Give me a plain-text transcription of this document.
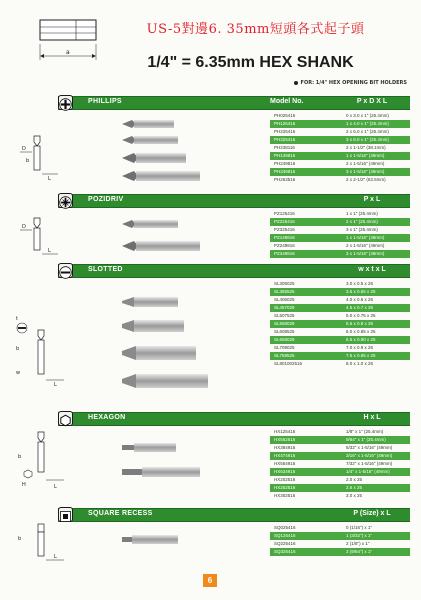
a
US-5對邊6. 35mm短頭各式起子頭
1/4" = 6.35mm HEX SHANK
FOR: 1/4" HEX OPENING BIT HOLDERS
PHILLIPS	Model No.	P x D X L
PH025416	0 x 3.0 x 1" (25.4mm)
PH125416	1 x 4.0 x 1" (25.4mm)
PH225416	2 x 6.0 x 1" (25.4mm)
PH325416	3 x 8.0 x 1" (25.4mm)
PH238116	2 x 1-1/2" (38.1mm)
PH149816	1 x 1-5/16" (49mm)
PH249816	2 x 1-5/16" (49mm)
PH349816	3 x 1-5/16" (49mm)
PH263516	2 x 2-1/2" (63.5mm)
D
b
L
POZIDRIV	P x L
PZ125416	1 x 1" (25.4mm)
PZ225416	2 x 1" (25.4mm)
PZ325416	3 x 1" (25.4mm)
PZ149816	1 x 1-5/16" (49mm)
PZ249816	2 x 1-5/16" (49mm)
PZ349816	3 x 1-5/16" (49mm)
D
L
SLOTTED	w x t x L
SL305025	3.0 x 0.5 x 25
SL355525	3.5 x 0.55 x 25
SL406025	4.0 x 0.6 x 25
SL457025	4.5 x 0.7 x 25
SL507525	5.0 x 0.75 x 25
SL558025	5.5 x 0.8 x 25
SL608525	6.0 x 0.85 x 25
SL659025	6.5 x 0.90 x 25
SL709025	7.0 x 0.9 x 25
SL759525	7.5 x 0.95 x 25
SL801002516	8.0 x 1.0 x 25
t
b
w
L
HEXAGON	H x L
HX125416	1/8" x 1" (25.4mm)
HX562516	9/64" x 1" (25.4mm)
HX384916	5/32" x 1-5/16" (49mm)
HX474916	3/16" x 1-5/16" (49mm)
HX554916	7/32" x 1-5/16" (49mm)
HX634916	1/4" x 1-5/16" (49mm)
HX202516	2.0 x 25
HX252516	2.5 x 25
HX302516	3.0 x 25
b
H	L
SQUARE RECESS	P (Size) x L
SQ025416	0 (1/16") x 1"
SQ125416	1 (3/32") x 1"
SQ225416	2 (1/8") x 1"
SQ325416	3 (9/64") x 1"
b
L
6
